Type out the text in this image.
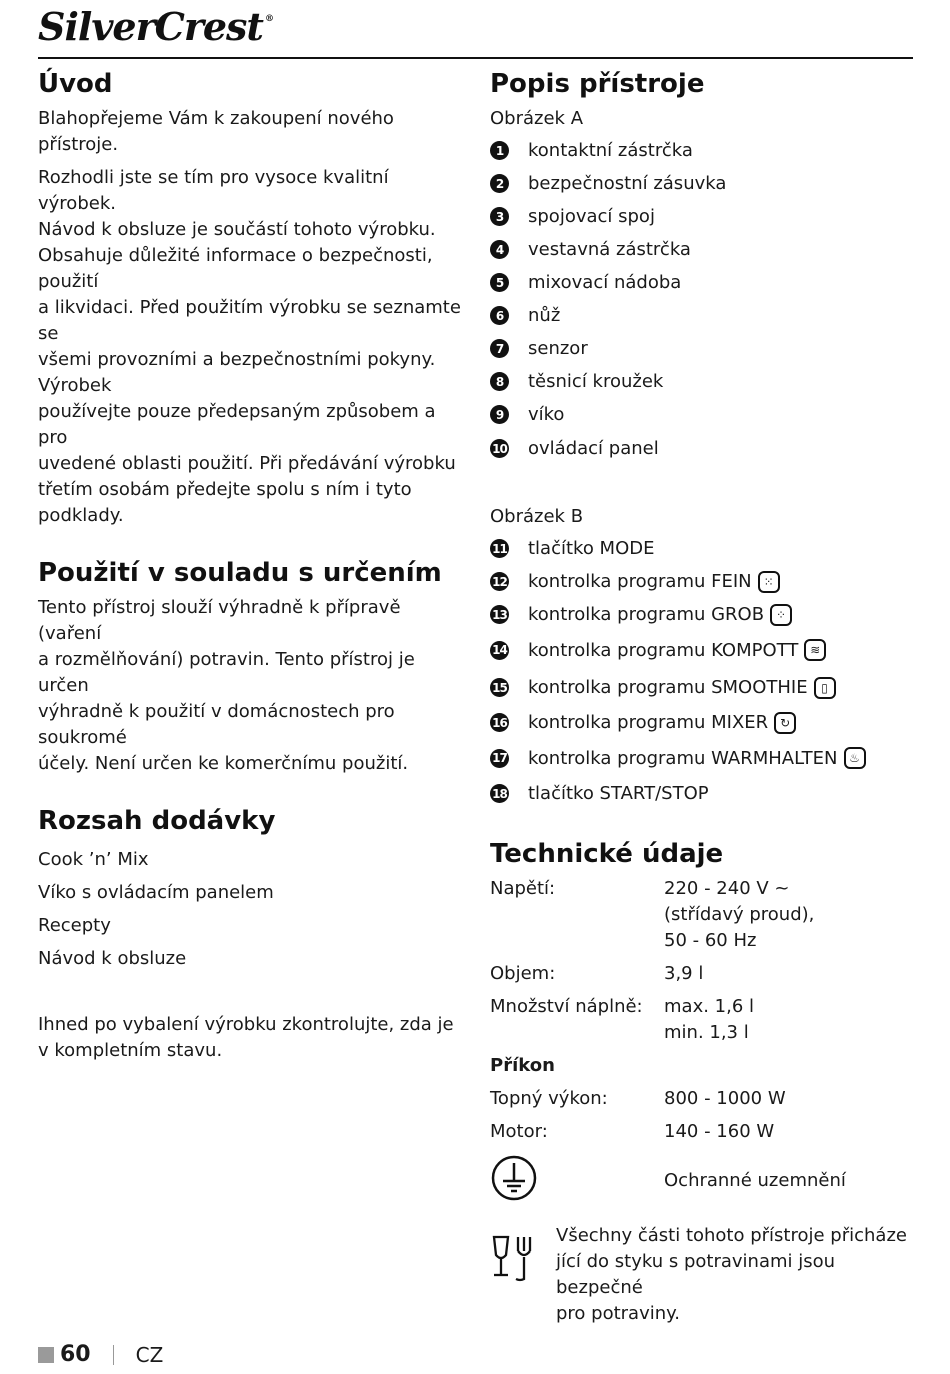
SilverCrest ®
Úvod

Blahopřejeme Vám k zakoupení nového přístroje.

Rozhodli jste se tím pro vysoce kvalitní výrobek.

Návod k obsluze je součástí tohoto výrobku.

Obsahuje důležité informace o bezpečnosti, použití

a likvidaci. Před použitím výrobku se seznamte se

všemi provozními a bezpečnostními pokyny. Výrobek

používejte pouze předepsaným způsobem a pro

uvedené oblasti použití. Při předávání výrobku

třetím osobám předejte spolu s ním i tyto podklady.

Použití v souladu s určením

Tento přístroj slouží výhradně k přípravě (vaření

a rozmělňování) potravin. Tento přístroj je určen

výhradně k použití v domácnostech pro soukromé

účely. Není určen ke komerčnímu použití.

Rozsah dodávky

Cook ’n’ Mix

Víko s ovládacím panelem

Recepty

Návod k obsluze

Ihned po vybalení výrobku zkontrolujte, zda je

v kompletním stavu.

Popis přístroje

Obrázek A

1	kontaktní zástrčka
2	bezpečnostní zásuvka
3	spojovací spoj
4	vestavná zástrčka
5	mixovací nádoba
6	nůž
7	senzor
8	těsnicí kroužek
9	víko
10 ovládací panel

Obrázek B

11 tlačítko MODE
12 kontrolka programu FEIN ⁙
13 kontrolka programu GROB ⁘
14 kontrolka programu KOMPOTT ≋
15 kontrolka programu SMOOTHIE	▯
16 kontrolka programu MIXER ↻
17 kontrolka programu WARMHALTEN ♨
18 tlačítko START/STOP
Technické údaje
Napětí:	220 - 240 V ~
(střídavý proud),
50 - 60 Hz
Objem:	3,9 l
Množství náplně:	max. 1,6 l
min. 1,3 l
Příkon
Topný výkon:	800 - 1000 W
Motor:	140 - 160 W
Ochranné uzemnění

Všechny části tohoto přístroje přicháze

jící do styku s potravinami jsou bezpečné

pro potraviny.

60 CZ
